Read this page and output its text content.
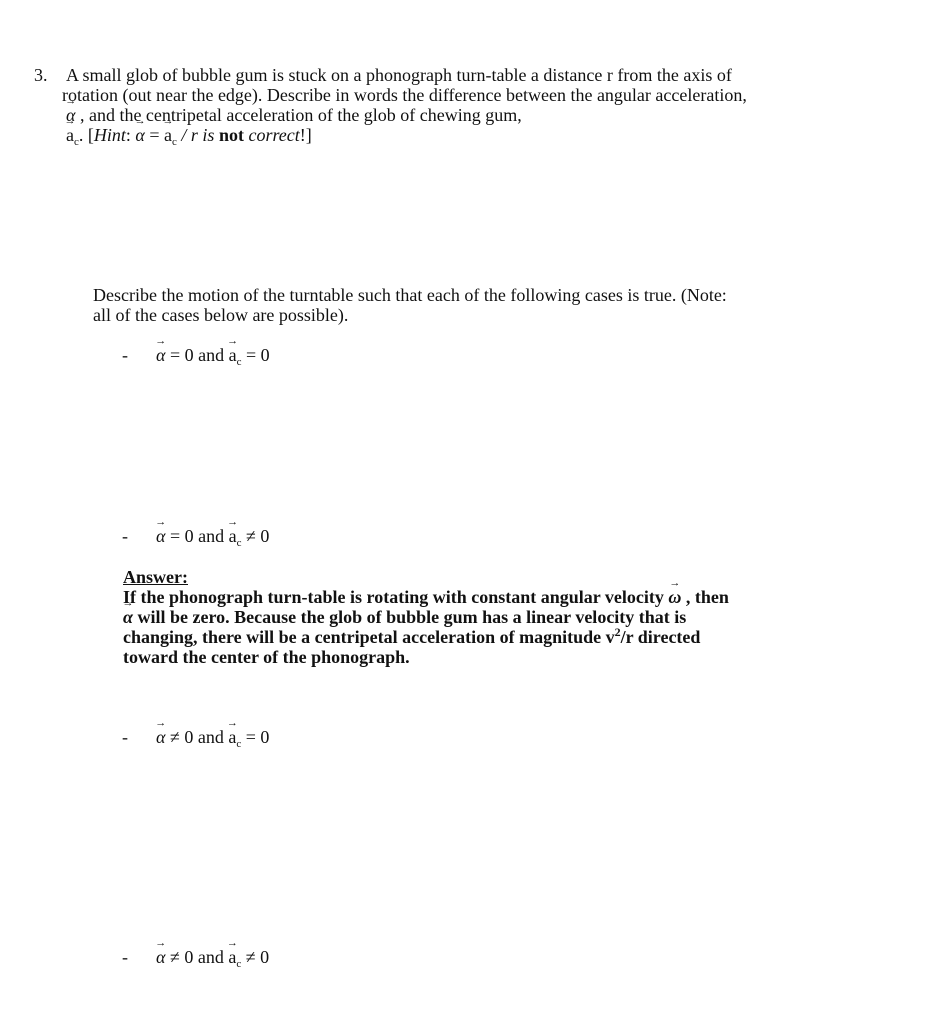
3. A small glob of bubble gum is stuck on a phonograph turn-table a distance r from the axis of
rotation (out near the edge). Describe in words the difference between the angular acceleration,
→ α , and the centripetal acceleration of the glob of chewing gum,
→ $a_c$. [Hint: → α = → $a_c$ / r is not correct!]
Describe the motion of the turntable such that each of the following cases is true. (Note:
all of the cases below are possible).
- → α = 0 and → $a_c = 0$
- → α = 0 and → $a_c \ne 0$
Answer:
If the phonograph turn-table is rotating with constant angular velocity → ω , then
→ α will be zero. Because the glob of bubble gum has a linear velocity that is
changing, there will be a centripetal acceleration of magnitude $v^2/r$ directed
toward the center of the phonograph.
- → α ≠ 0 and → $a_c = 0$
- → α ≠ 0 and → $a_c \ne 0$
